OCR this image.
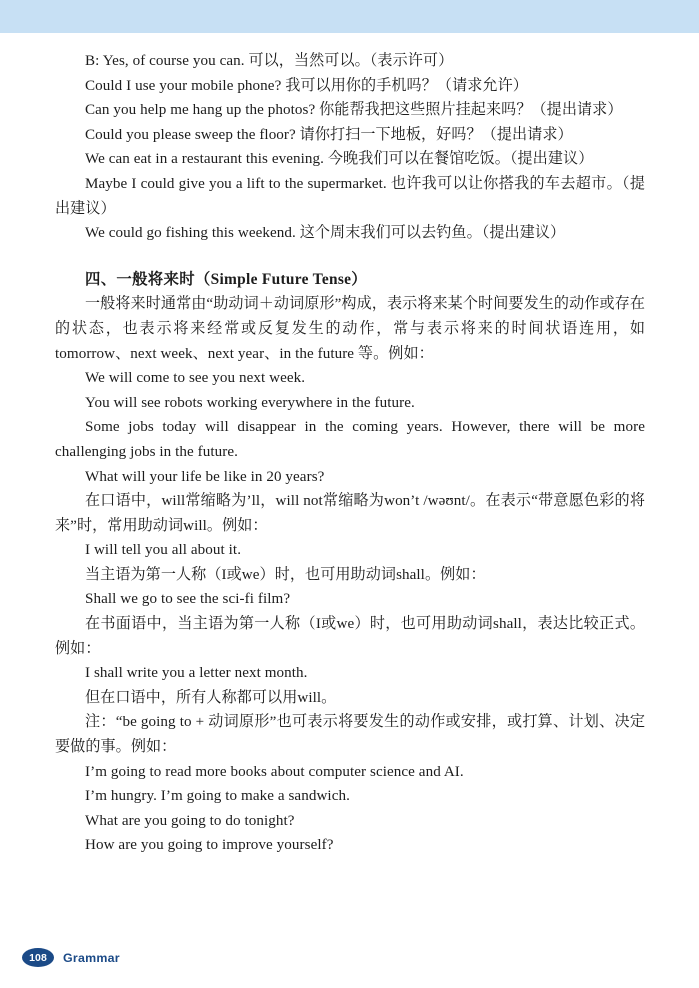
B: Yes, of course you can. 可以，当然可以。（表示许可）

Could I use your mobile phone? 我可以用你的手机吗？（请求允许）

Can you help me hang up the photos? 你能帮我把这些照片挂起来吗？（提出请求）

Could you please sweep the floor? 请你打扫一下地板，好吗？（提出请求）

We can eat in a restaurant this evening. 今晚我们可以在餐馆吃饭。（提出建议）

Maybe I could give you a lift to the supermarket. 也许我可以让你搭我的车去超市。（提出建议）

We could go fishing this weekend. 这个周末我们可以去钓鱼。（提出建议）

四、一般将来时（Simple Future Tense）

一般将来时通常由“助动词＋动词原形”构成，表示将来某个时间要发生的动作或存在的状态，也表示将来经常或反复发生的动作，常与表示将来的时间状语连用，如tomorrow、next week、next year、in the future 等。例如：

We will come to see you next week.

You will see robots working everywhere in the future.

Some jobs today will disappear in the coming years. However, there will be more challenging jobs in the future.

What will your life be like in 20 years?

在口语中，will常缩略为’ll，will not常缩略为won’t /wəʊnt/。在表示“带意愿色彩的将来”时，常用助动词will。例如：

I will tell you all about it.

当主语为第一人称（I或we）时，也可用助动词shall。例如：

Shall we go to see the sci-fi film?

在书面语中，当主语为第一人称（I或we）时，也可用助动词shall，表达比较正式。例如：

I shall write you a letter next month.

但在口语中，所有人称都可以用will。

注：“be going to + 动词原形”也可表示将要发生的动作或安排，或打算、计划、决定要做的事。例如：

I’m going to read more books about computer science and AI.

I’m hungry. I’m going to make a sandwich.

What are you going to do tonight?

How are you going to improve yourself?

108	Grammar
